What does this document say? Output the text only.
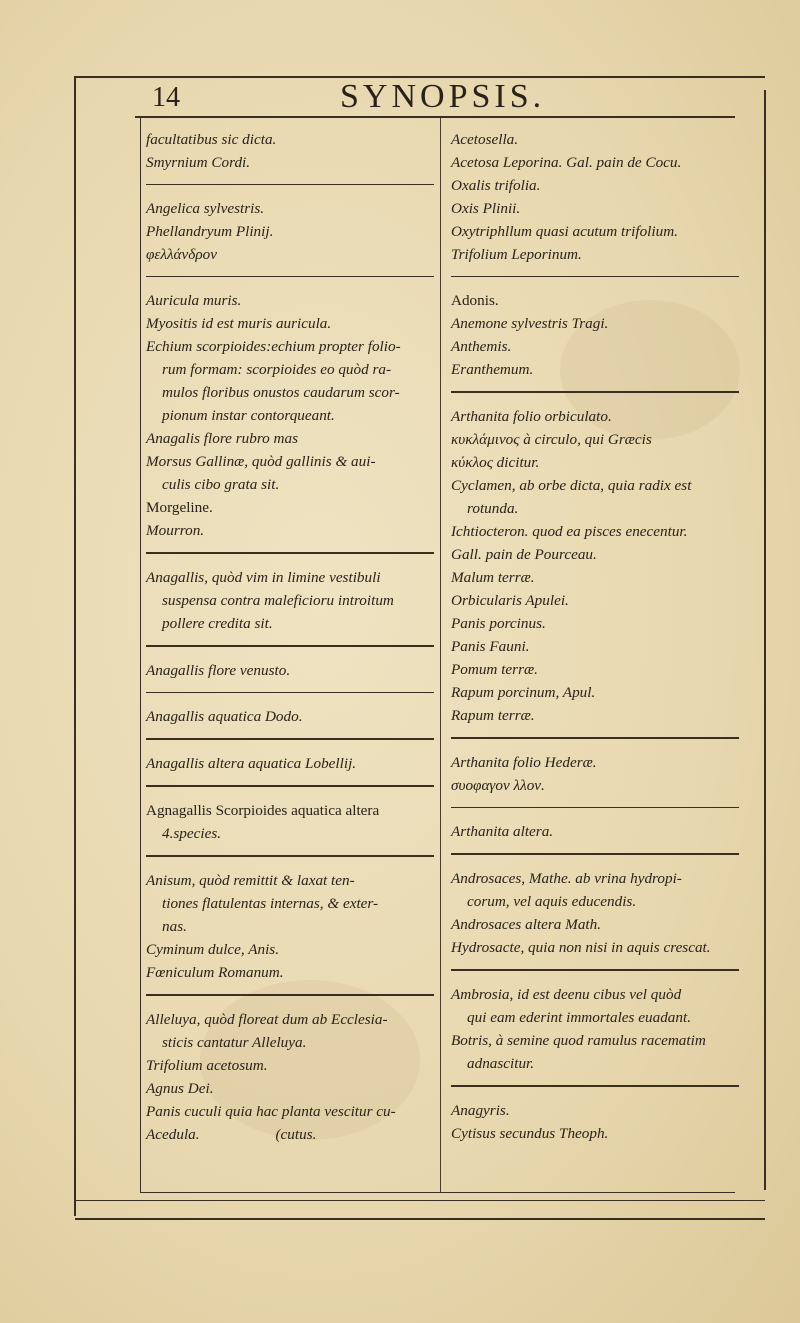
14	SYNOPSIS.
facultatibus sic dicta.
Smyrnium Cordi.
Angelica sylvestris.
Phellandryum Plinij.
φελλάνδρον
Auricula muris.
Myositis id est muris auricula.
Echium scorpioides:echium propter folio-
rum formam: scorpioides eo quòd ra-
mulos floribus onustos caudarum scor-
pionum instar contorqueant.
Anagalis flore rubro mas
Morsus Gallinæ, quòd gallinis & aui-
culis cibo grata sit.
Morgeline.
Mourron.
Anagallis, quòd vim in limine vestibuli
suspensa contra maleficioru introitum
pollere credita sit.
Anagallis flore venusto.
Anagallis aquatica Dodo.
Anagallis altera aquatica Lobellij.
Agnagallis Scorpioides aquatica altera
4.species.
Anisum, quòd remittit & laxat ten-
tiones flatulentas internas, & exter-
nas.
Cyminum dulce, Anis.
Fœniculum Romanum.
Alleluya, quòd floreat dum ab Ecclesia-
sticis cantatur Alleluya.
Trifolium acetosum.
Agnus Dei.
Panis cuculi quia hac planta vescitur cu-
Acedula.                    (cutus.
Acetosella.
Acetosa Leporina. Gal. pain de Cocu.
Oxalis trifolia.
Oxis Plinii.
Oxytriphllum quasi acutum trifolium.
Trifolium Leporinum.
Adonis.
Anemone sylvestris Tragi.
Anthemis.
Eranthemum.
Arthanita folio orbiculato.
κυκλάμινος à circulo, qui Græcis
κύκλος dicitur.
Cyclamen, ab orbe dicta, quia radix est
rotunda.
Ichtiocteron. quod ea pisces enecentur.
Gall. pain de Pourceau.
Malum terræ.
Orbicularis Apulei.
Panis porcinus.
Panis Fauni.
Pomum terræ.
Rapum porcinum, Apul.
Rapum terræ.
Arthanita folio Hederæ.
συοφαγον λλον.
Arthanita altera.
Androsaces, Mathe. ab vrina hydropi-
corum, vel aquis educendis.
Androsaces altera Math.
Hydrosacte, quia non nisi in aquis crescat.
Ambrosia, id est deenu cibus vel quòd
qui eam ederint immortales euadant.
Botris, à semine quod ramulus racematim
adnascitur.
Anagyris.
Cytisus secundus Theoph.
